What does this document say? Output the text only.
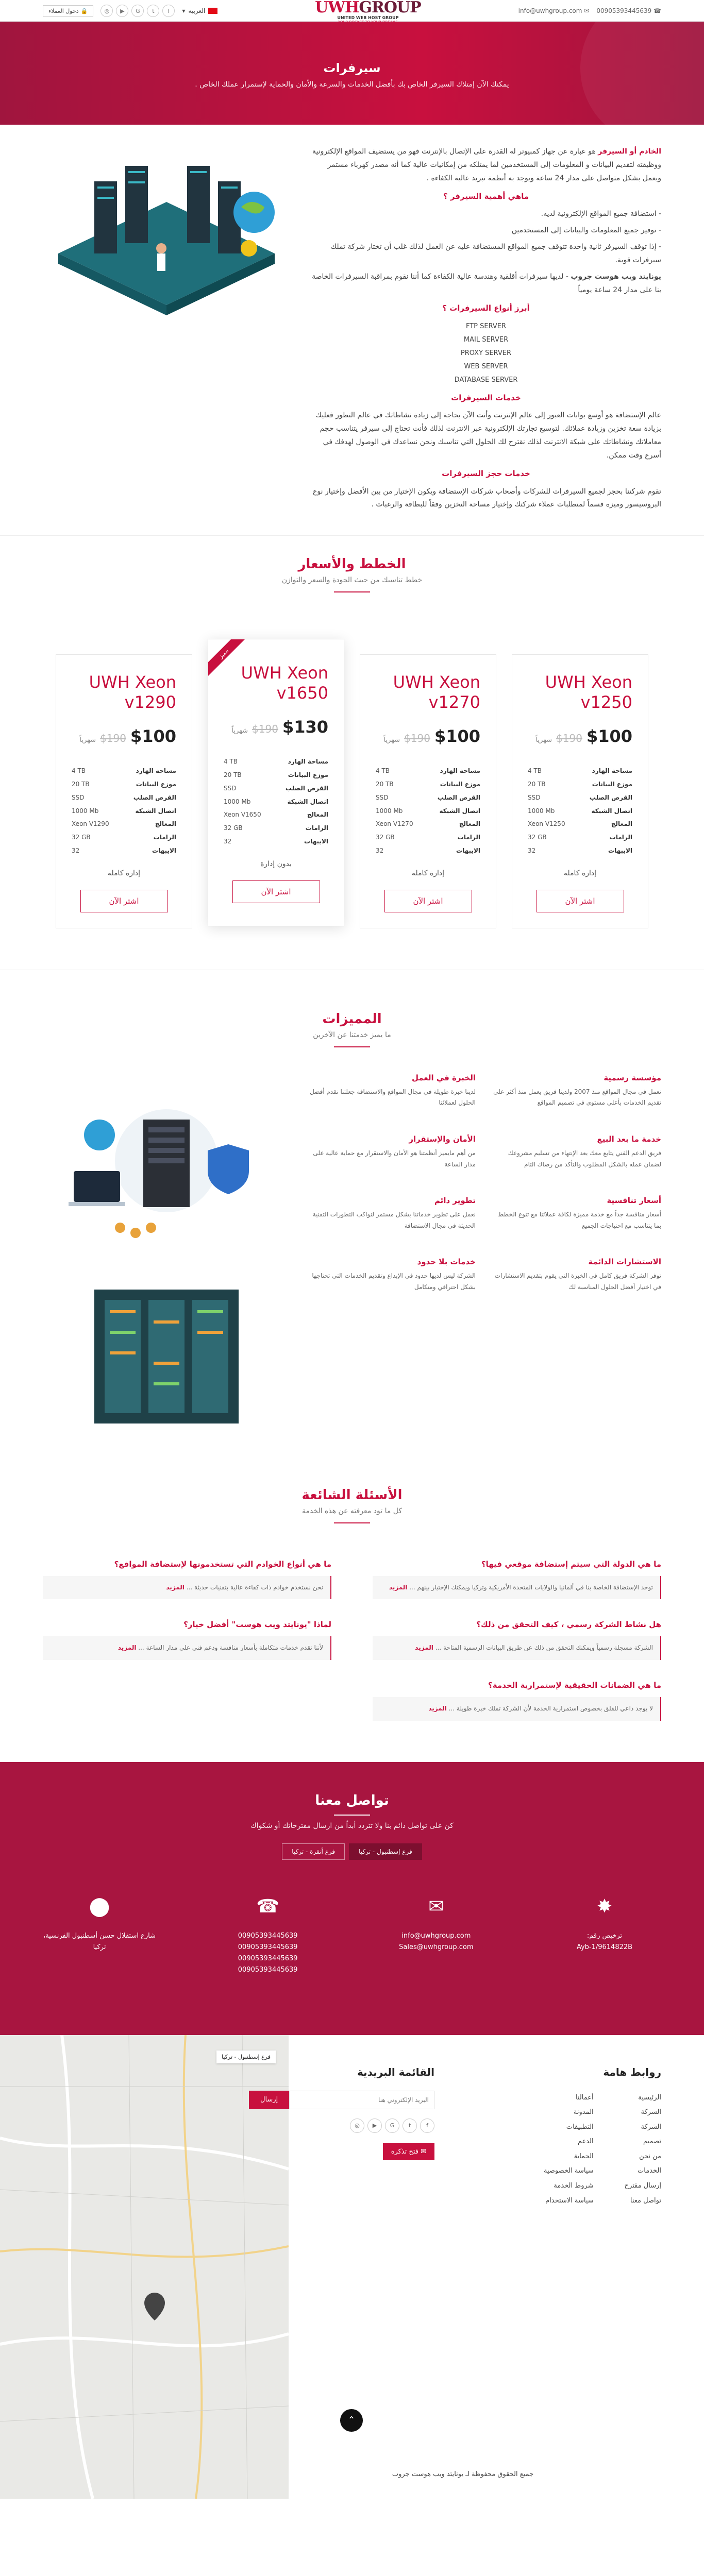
☎ 00905393445639
✉ info@uwhgroup.com
UWHGROUP
UNITED WEB HOST GROUP
العربية
▾
f
t
G
▶
◎
🔒
دخول العملاء
سيرفرات

يمكنك الآن إمتلاك السيرفر الخاص بك بأفضل الخدمات والسرعة والأمان والحماية لإستمرار عملك الخاص .

الخادم أو السيرفر هو عبارة عن جهاز كمبيوتر له القدرة على الإتصال بالإنترنت فهو من يستضيف المواقع الإلكترونية ووظيفته لتقديم البيانات و المعلومات إلى المستخدمين لما يمتلكه من إمكانيات عالية كما أنه مصدر كهرباء مستمر ويعمل بشكل متواصل على مدار 24 ساعة ويوجد به أنظمة تبريد عالية الكفاءه .

ماهي أهمية السيرفر ؟

- استضافة جميع المواقع الإلكترونية لديه.

- توفير جميع المعلومات والبيانات إلى المستخدمين

- إذا توقف السيرفر ثانية واحدة تتوقف جميع المواقع المستضافة عليه عن العمل لذلك غلب أن تختار شركة تملك سيرفرات قوية.

يونايتد ويب هوست جروب - لديها سيرفرات أقلقية وهندسة عالية الكفاءة كما أننا نقوم بمراقبة السيرفرات الخاصة بنا على مدار 24 ساعة يومياً

أبرز أنواع السيرفرات ؟
FTP SERVER
MAIL SERVER
PROXY SERVER
WEB SERVER
DATABASE SERVER
خدمات السيرفرات

عالم الإستضافة هو أوسع بوابات العبور إلى عالم الإنترنت وأنت الآن بحاجة إلى زيادة نشاطاتك في عالم التطور فعليك بزيادة سعة تخزين وزيادة عملائك. لتوسيع تجارتك الإلكترونية عبر الانترنت لذلك فأنت تحتاج إلى سيرفر يتناسب حجم معاملاتك ونشاطاتك على شبكة الانترنت لذلك نقترح لك الحلول التي تناسبك ونحن نساعدك في الوصول لهدفك في أسرع وقت ممكن.

خدمات حجز السيرفرات

تقوم شركتنا بحجز لجميع السيرفرات للشركات وأصحاب شركات الإستضافة ويكون الإختيار من بين الأفضل وإختيار نوع البروسيسور وميزه قسماً لمتطلبات عملاء شركتك وإختيار مساحة التخزين وفقاً للبطاقة والرغبات .

الخطط والأسعار

خطط تناسبك من حيث الجودة والسعر والتوازن

UWH Xeon v1250
$100
$190
شهرياً
مساحة الهارد
موزع البيانات
القرص الصلب
اتصال الشبكة
المعالج
الرامات
الايبهات
4 TB
20 TB
SSD
1000 Mb
Xeon V1250
32 GB
32
إدارة كاملة
اشتر الآن
UWH Xeon v1270
$100
$190
شهرياً
مساحة الهارد
موزع البيانات
القرص الصلب
اتصال الشبكة
المعالج
الرامات
الايبهات
4 TB
20 TB
SSD
1000 Mb
Xeon V1270
32 GB
32
إدارة كاملة
اشتر الآن
مميز
UWH Xeon v1650
$130
$190
شهرياً
مساحة الهارد
موزع البيانات
القرص الصلب
اتصال الشبكة
المعالج
الرامات
الايبهات
4 TB
20 TB
SSD
1000 Mb
Xeon V1650
32 GB
32
بدون إدارة
اشتر الآن
UWH Xeon v1290
$100
$190
شهرياً
مساحة الهارد
موزع البيانات
القرص الصلب
اتصال الشبكة
المعالج
الرامات
الايبهات
4 TB
20 TB
SSD
1000 Mb
Xeon V1290
32 GB
32
إدارة كاملة
اشتر الآن
المميزات

ما يميز خدمتنا عن الآخرين

مؤسسة رسمية

نعمل في مجال المواقع منذ 2007 ولدينا فريق يعمل منذ أكثر على تقديم الخدمات بأعلى مستوى في تصميم المواقع

خدمة ما بعد البيع

فريق الدعم الفني يتابع معك بعد الإنتهاء من تسليم مشروعك لضمان عمله بالشكل المطلوب والتأكد من رضاك التام

أسعار تنافسية

أسعار منافسة جداً مع خدمة مميزة لكافة عملائنا مع تنوع الخطط بما يتناسب مع احتياجات الجميع

الاستشارات الدائمة

توفر الشركة فريق كامل في الخبرة التي يقوم بتقديم الاستشارات في اختيار أفضل الحلول المناسبة لك

الخبرة في العمل

لدينا خبرة طويلة في مجال المواقع والاستضافة جعلتنا نقدم أفضل الحلول لعملائنا

الأمان والإستقرار

من أهم مايميز أنظمتنا هو الأمان والاستقرار مع حماية عالية على مدار الساعة

تطوير دائم

نعمل على تطوير خدماتنا بشكل مستمر لنواكب التطورات التقنية الحديثة في مجال الاستضافة

خدمات بلا حدود

الشركة ليس لديها حدود في الإبداع وتقديم الخدمات التي تحتاجها بشكل احترافي ومتكامل

الأسئلة الشائعة

كل ما تود معرفته عن هذه الخدمة

ما هي الدولة التي سيتم إستضافة موقعي فيها؟
توجد الإستضافة الخاصة بنا في ألمانيا والولايات المتحدة الأمريكية وتركيا ويمكنك الإختيار بينهم ... المزيد
ما هي أنواع الخوادم التي تستخدمونها لإستضافة المواقع؟
نحن نستخدم خوادم ذات كفاءة عالية بتقنيات حديثة ... المزيد
هل نشاط الشركة رسمي ، كيف التحقق من ذلك؟
الشركة مسجلة رسمياً ويمكنك التحقق من ذلك عن طريق البيانات الرسمية المتاحة ... المزيد
لماذا "يونايتد ويب هوست" أفضل خيار؟
لأننا نقدم خدمات متكاملة بأسعار منافسة ودعم فني على مدار الساعة ... المزيد
ما هي الضمانات الحقيقية لإستمرارية الخدمة؟
لا يوجد داعي للقلق بخصوص استمرارية الخدمة لأن الشركة تملك خبرة طويلة ... المزيد
تواصل معنا

كن على تواصل دائم بنا ولا تتردد أبداً من ارسال مقترحاتك أو شكواك

فرع إسطنبول - تركيا
فرع أنقرة - تركيا
✸
ترخيص رقم:
Ayb-1/9614822B
✉
info@uwhgroup.com
Sales@uwhgroup.com
☎
00905393445639
00905393445639
00905393445639
00905393445639
⬤
شارع استقلال حسن أسطنبول الفرنسية،
تركيا
فرع إسطنبول - تركيا
روابط هامة
الرئيسية
الشركة
الشركة
تصميم
من نحن
الخدمات
إرسال مقترح
تواصل معنا
أعمالنا
المدونة
التطبيقات
الدعم
الحماية
سياسة الخصوصية
شروط الخدمة
سياسة الاستخدام
القائمة البريدية
البريد الإلكتروني هنا
إرسال
f
t
G
▶
◎
✉ فتح تذكرة
⌃
جميع الحقوق محفوظة لـ يونايتد ويب هوست جروب
